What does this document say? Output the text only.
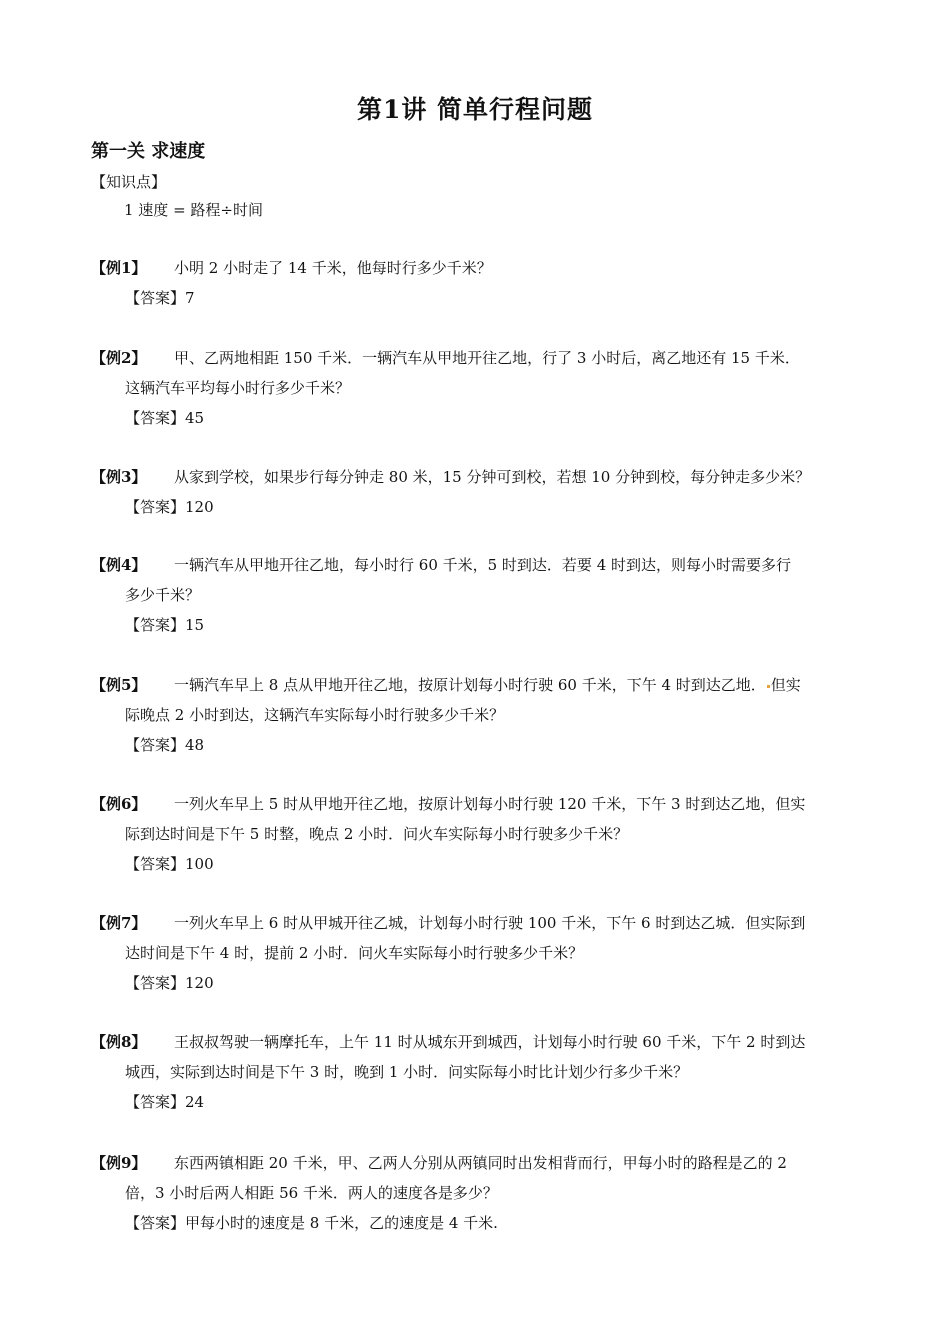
第1讲 简单行程问题
第一关 求速度
【知识点】
1 速度 = 路程÷时间
【例1】 小明 2 小时走了 14 千米，他每时行多少千米？
【答案】7
【例2】 甲、乙两地相距 150 千米．一辆汽车从甲地开往乙地，行了 3 小时后，离乙地还有 15 千米．
这辆汽车平均每小时行多少千米？
【答案】45
【例3】 从家到学校，如果步行每分钟走 80 米，15 分钟可到校，若想 10 分钟到校，每分钟走多少米？
【答案】120
【例4】 一辆汽车从甲地开往乙地，每小时行 60 千米，5 时到达．若要 4 时到达，则每小时需要多行
多少千米？
【答案】15
【例5】 一辆汽车早上 8 点从甲地开往乙地，按原计划每小时行驶 60 千米，下午 4 时到达乙地． 但实
际晚点 2 小时到达，这辆汽车实际每小时行驶多少千米？
【答案】48
【例6】 一列火车早上 5 时从甲地开往乙地，按原计划每小时行驶 120 千米，下午 3 时到达乙地，但实
际到达时间是下午 5 时整，晚点 2 小时．问火车实际每小时行驶多少千米？
【答案】100
【例7】 一列火车早上 6 时从甲城开往乙城，计划每小时行驶 100 千米，下午 6 时到达乙城．但实际到
达时间是下午 4 时，提前 2 小时．问火车实际每小时行驶多少千米？
【答案】120
【例8】 王叔叔驾驶一辆摩托车，上午 11 时从城东开到城西，计划每小时行驶 60 千米，下午 2 时到达
城西，实际到达时间是下午 3 时，晚到 1 小时．问实际每小时比计划少行多少千米？
【答案】24
【例9】 东西两镇相距 20 千米，甲、乙两人分别从两镇同时出发相背而行，甲每小时的路程是乙的 2
倍，3 小时后两人相距 56 千米．两人的速度各是多少？
【答案】甲每小时的速度是 8 千米，乙的速度是 4 千米.
